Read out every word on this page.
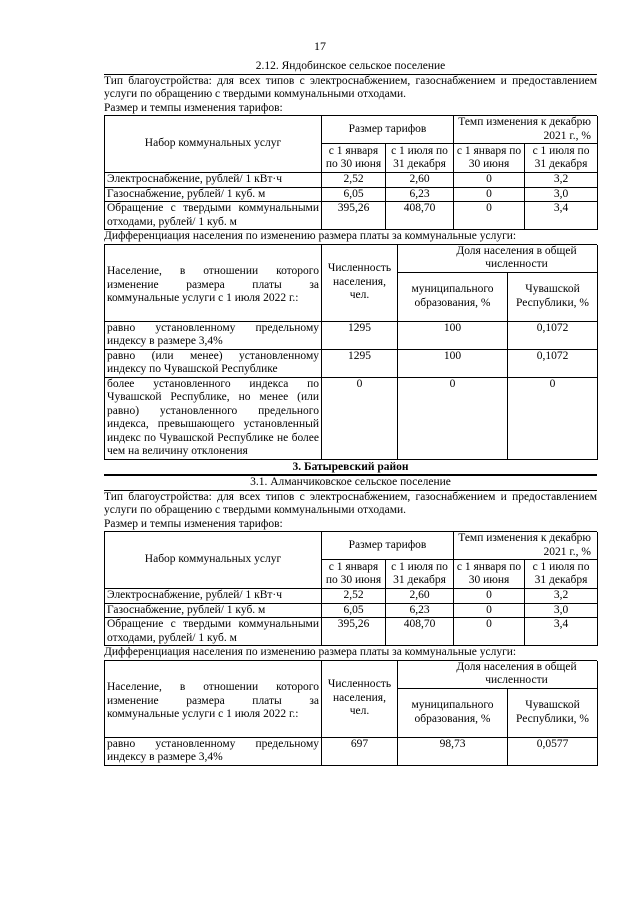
17
2.12. Яндобинское сельское поселение

Тип благоустройства: для всех типов с электроснабжением, газоснабжением и предоставлением услуги по обращению с твердыми коммунальными отходами.

Размер и темпы изменения тарифов:
Набор коммунальных услуг	Размер тарифов		Темп изменения к декабрю 2021 г., %	
	с 1 января по 30 июня	с 1 июля по 31 декабря	с 1 января по 30 июня	с 1 июля по 31 декабря
Электроснабжение, рублей/ 1 кВт·ч	2,52	2,60	0	3,2
Газоснабжение, рублей/ 1 куб. м	6,05	6,23	0	3,0
Обращение с твердыми коммунальными отходами, рублей/ 1 куб. м	395,26	408,70	0	3,4
Дифференциация населения по изменению размера платы за коммунальные услуги:
Население, в отношении которого изменение размера платы за коммунальные услуги с 1 июля 2022 г.:	Численность населения, чел.	Доля населения в общей численности	
		муниципального образования, %	Чувашской Республики, %
равно установленному предельному индексу в размере 3,4%	1295	100	0,1072
равно (или менее) установленному индексу по Чувашской Республике	1295	100	0,1072
более установленного индекса по Чувашской Республике, но менее (или равно) установленного предельного индекса, превышающего установленный индекс по Чувашской Республике не более чем на величину отклонения	0	0	0
3. Батыревский район
3.1. Алманчиковское сельское поселение

Тип благоустройства: для всех типов с электроснабжением, газоснабжением и предоставлением услуги по обращению с твердыми коммунальными отходами.

Размер и темпы изменения тарифов:
Набор коммунальных услуг	Размер тарифов		Темп изменения к декабрю 2021 г., %	
	с 1 января по 30 июня	с 1 июля по 31 декабря	с 1 января по 30 июня	с 1 июля по 31 декабря
Электроснабжение, рублей/ 1 кВт·ч	2,52	2,60	0	3,2
Газоснабжение, рублей/ 1 куб. м	6,05	6,23	0	3,0
Обращение с твердыми коммунальными отходами, рублей/ 1 куб. м	395,26	408,70	0	3,4
Дифференциация населения по изменению размера платы за коммунальные услуги:
Население, в отношении которого изменение размера платы за коммунальные услуги с 1 июля 2022 г.:	Численность населения, чел.	Доля населения в общей численности	
		муниципального образования, %	Чувашской Республики, %
равно установленному предельному индексу в размере 3,4%	697	98,73	0,0577
